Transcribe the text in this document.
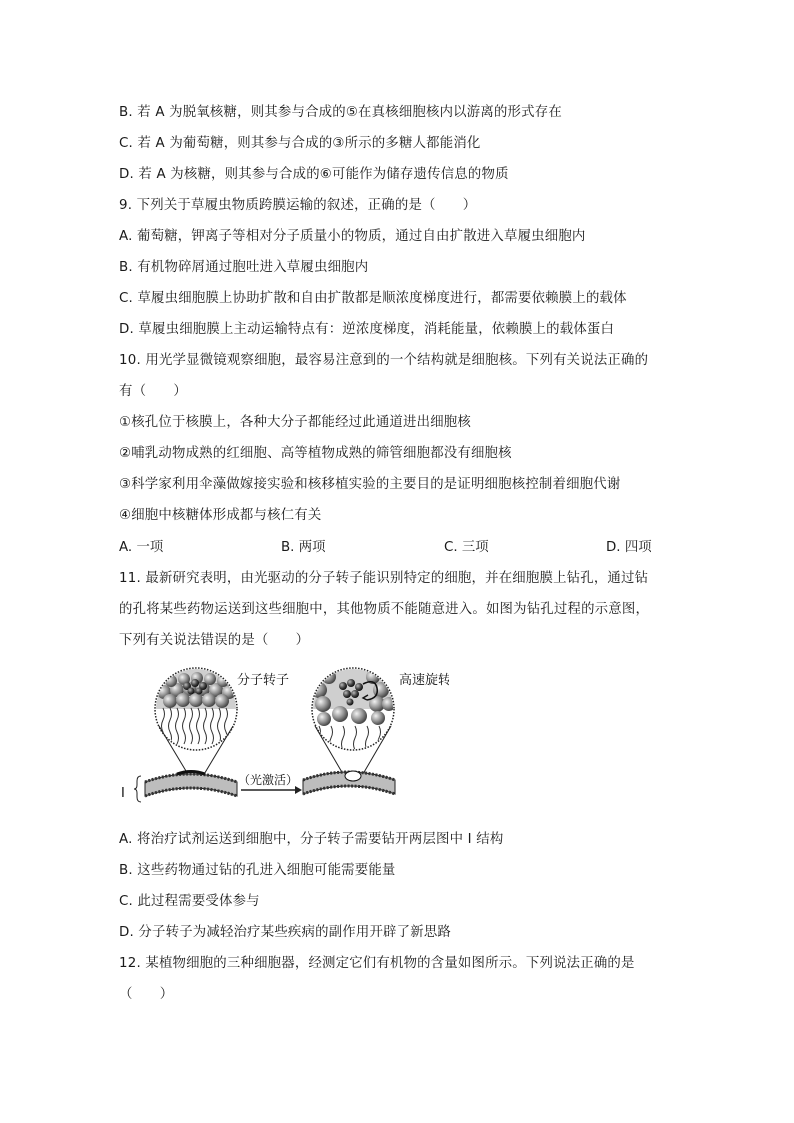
B. 若 A 为脱氧核糖，则其参与合成的⑤在真核细胞核内以游离的形式存在
C. 若 A 为葡萄糖，则其参与合成的③所示的多糖人都能消化
D. 若 A 为核糖，则其参与合成的⑥可能作为储存遗传信息的物质
9. 下列关于草履虫物质跨膜运输的叙述，正确的是（　　）
A. 葡萄糖，钾离子等相对分子质量小的物质，通过自由扩散进入草履虫细胞内
B. 有机物碎屑通过胞吐进入草履虫细胞内
C. 草履虫细胞膜上协助扩散和自由扩散都是顺浓度梯度进行，都需要依赖膜上的载体
D. 草履虫细胞膜上主动运输特点有：逆浓度梯度，消耗能量，依赖膜上的载体蛋白
10. 用光学显微镜观察细胞，最容易注意到的一个结构就是细胞核。下列有关说法正确的
有（　　）
①核孔位于核膜上，各种大分子都能经过此通道进出细胞核
②哺乳动物成熟的红细胞、高等植物成熟的筛管细胞都没有细胞核
③科学家利用伞藻做嫁接实验和核移植实验的主要目的是证明细胞核控制着细胞代谢
④细胞中核糖体形成都与核仁有关
A. 一项	B. 两项	C. 三项	D. 四项
11. 最新研究表明，由光驱动的分子转子能识别特定的细胞，并在细胞膜上钻孔，通过钻
的孔将某些药物运送到这些细胞中，其他物质不能随意进入。如图为钻孔过程的示意图，
下列有关说法错误的是（　　）
分子转子	高速旋转
（光激活）
I
A. 将治疗试剂运送到细胞中，分子转子需要钻开两层图中 I 结构
B. 这些药物通过钻的孔进入细胞可能需要能量
C. 此过程需要受体参与
D. 分子转子为减轻治疗某些疾病的副作用开辟了新思路
12. 某植物细胞的三种细胞器，经测定它们有机物的含量如图所示。下列说法正确的是
（　　）
